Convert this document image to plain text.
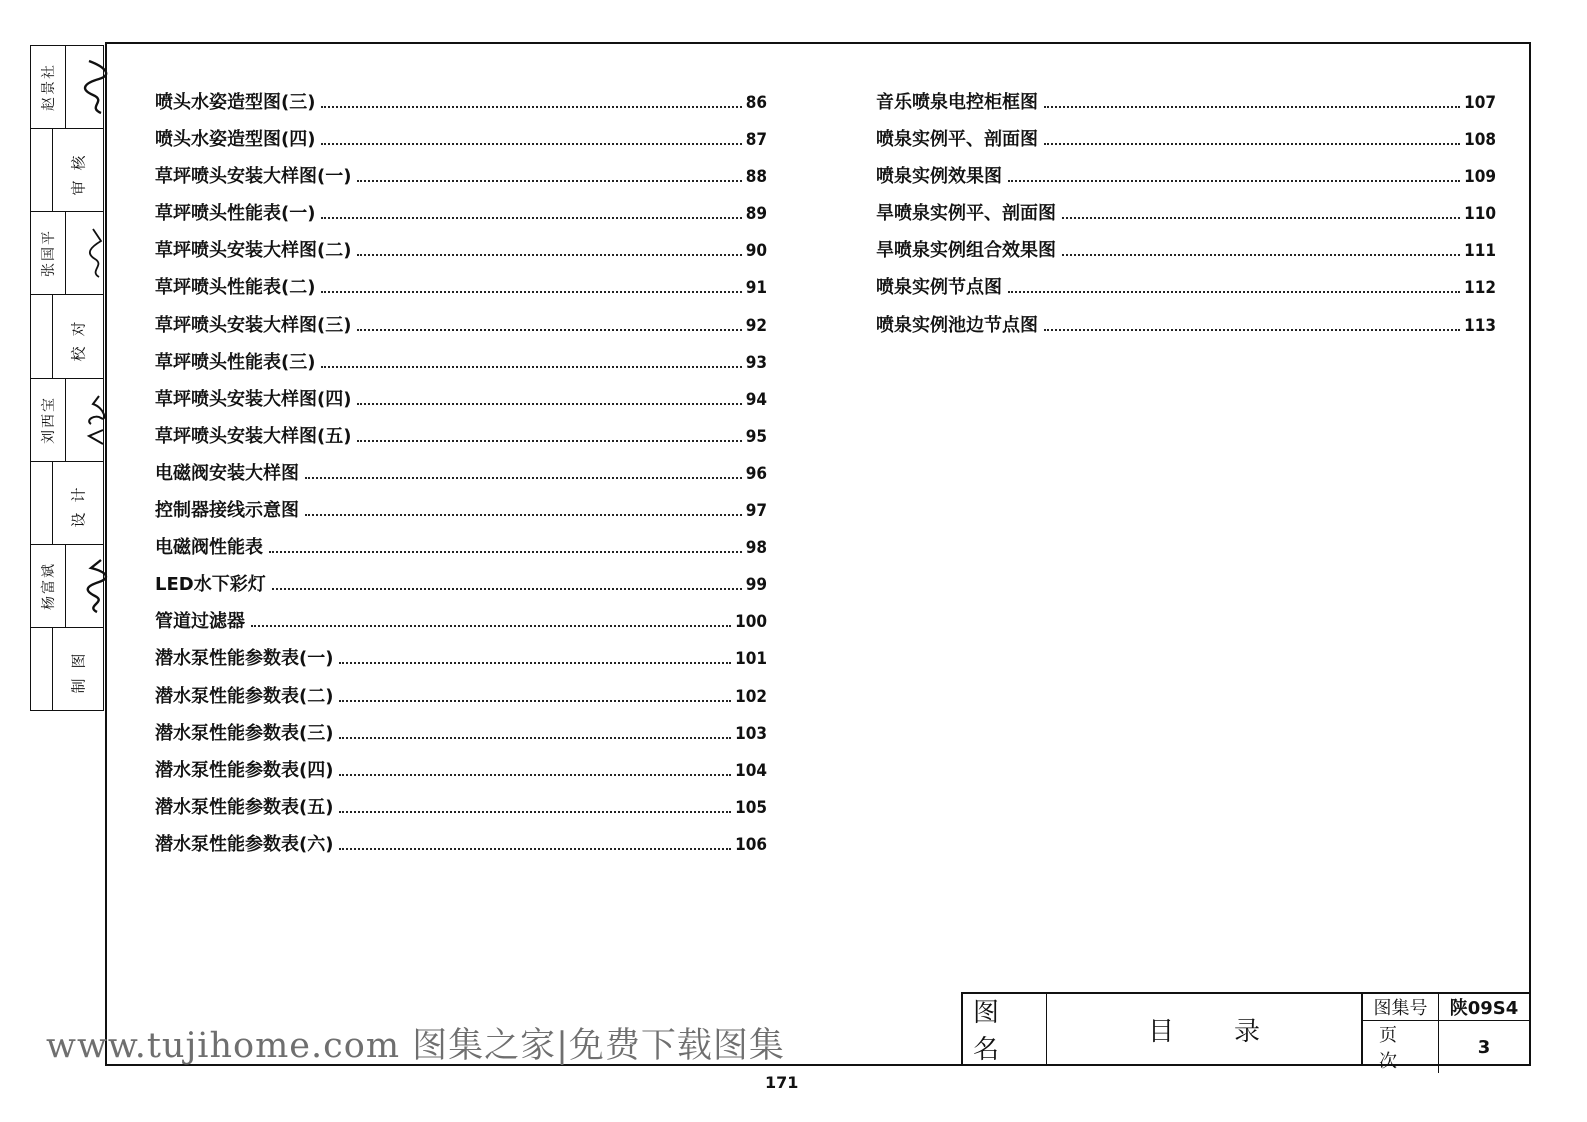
赵景社
审核
张国平
校对
刘西宝
设计
杨富斌
制图
喷头水姿造型图(三)	86
喷头水姿造型图(四)	87
草坪喷头安装大样图(一)	88
草坪喷头性能表(一)	89
草坪喷头安装大样图(二)	90
草坪喷头性能表(二)	91
草坪喷头安装大样图(三)	92
草坪喷头性能表(三)	93
草坪喷头安装大样图(四)	94
草坪喷头安装大样图(五)	95
电磁阀安装大样图	96
控制器接线示意图	97
电磁阀性能表	98
LED水下彩灯	99
管道过滤器	100
潜水泵性能参数表(一)	101
潜水泵性能参数表(二)	102
潜水泵性能参数表(三)	103
潜水泵性能参数表(四)	104
潜水泵性能参数表(五)	105
潜水泵性能参数表(六)	106
音乐喷泉电控柜框图	107
喷泉实例平、剖面图	108
喷泉实例效果图	109
旱喷泉实例平、剖面图	110
旱喷泉实例组合效果图	111
喷泉实例节点图	112
喷泉实例池边节点图	113
图名
目录
图集号	陕09S4
页次
3
www.tujihome.com 图集之家|免费下载图集
171
